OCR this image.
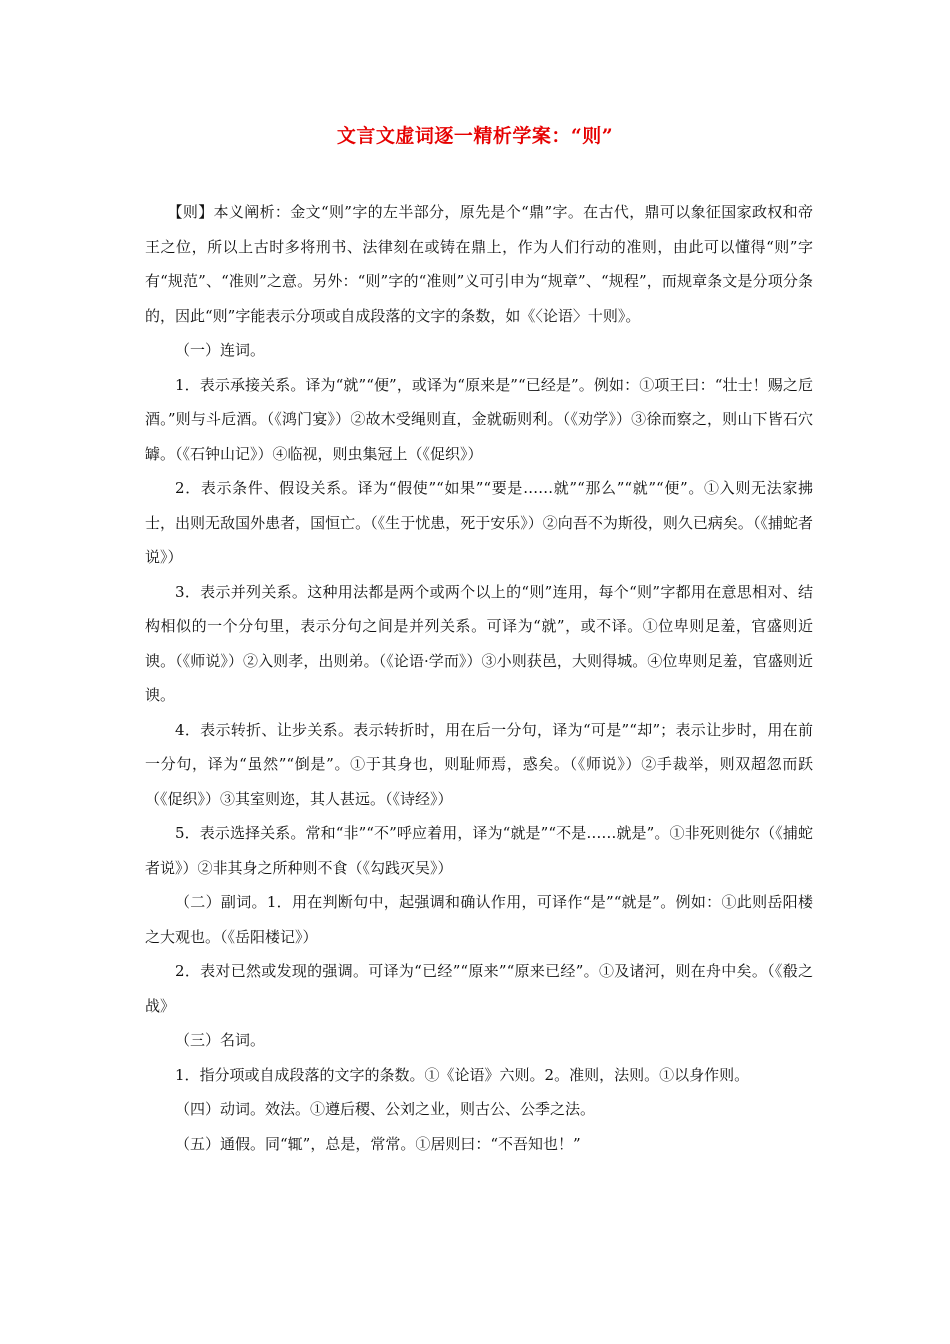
文言文虚词逐一精析学案：“则”

【则】本义阐析：金文“则”字的左半部分，原先是个“鼎”字。在古代，鼎可以象征国家政权和帝王之位，所以上古时多将刑书、法律刻在或铸在鼎上，作为人们行动的准则，由此可以懂得“则”字有“规范”、“准则”之意。另外：“则”字的“准则”义可引申为“规章”、“规程”，而规章条文是分项分条的，因此“则”字能表示分项或自成段落的文字的条数，如《〈论语〉十则》。

（一）连词。

1．表示承接关系。译为“就”“便”，或译为“原来是”“已经是”。例如：①项王曰：“壮士！赐之卮酒。”则与斗卮酒。（《鸿门宴》）②故木受绳则直，金就砺则利。（《劝学》）③徐而察之，则山下皆石穴罅。（《石钟山记》）④临视，则虫集冠上（《促织》）

2．表示条件、假设关系。译为“假使”“如果”“要是……就”“那么”“就”“便”。①入则无法家拂士，出则无敌国外患者，国恒亡。（《生于忧患，死于安乐》）②向吾不为斯役，则久已病矣。（《捕蛇者说》）

3．表示并列关系。这种用法都是两个或两个以上的“则”连用，每个“则”字都用在意思相对、结构相似的一个分句里，表示分句之间是并列关系。可译为“就”，或不译。①位卑则足羞，官盛则近谀。（《师说》）②入则孝，出则弟。（《论语·学而》）③小则获邑，大则得城。④位卑则足羞，官盛则近谀。

4．表示转折、让步关系。表示转折时，用在后一分句，译为“可是”“却”；表示让步时，用在前一分句，译为“虽然”“倒是”。①于其身也，则耻师焉，惑矣。（《师说》）②手裁举，则双超忽而跃（《促织》）③其室则迩，其人甚远。（《诗经》）

5．表示选择关系。常和“非”“不”呼应着用，译为“就是”“不是……就是”。①非死则徙尔（《捕蛇者说》）②非其身之所种则不食（《勾践灭吴》）

（二）副词。1．用在判断句中，起强调和确认作用，可译作“是”“就是”。例如：①此则岳阳楼之大观也。（《岳阳楼记》）

2．表对已然或发现的强调。可译为“已经”“原来”“原来已经”。①及诸河，则在舟中矣。（《殽之战》

（三）名词。

1．指分项或自成段落的文字的条数。①《论语》六则。2。准则，法则。①以身作则。

（四）动词。效法。①遵后稷、公刘之业，则古公、公季之法。

（五）通假。同“辄”，总是，常常。①居则曰：“不吾知也！”
